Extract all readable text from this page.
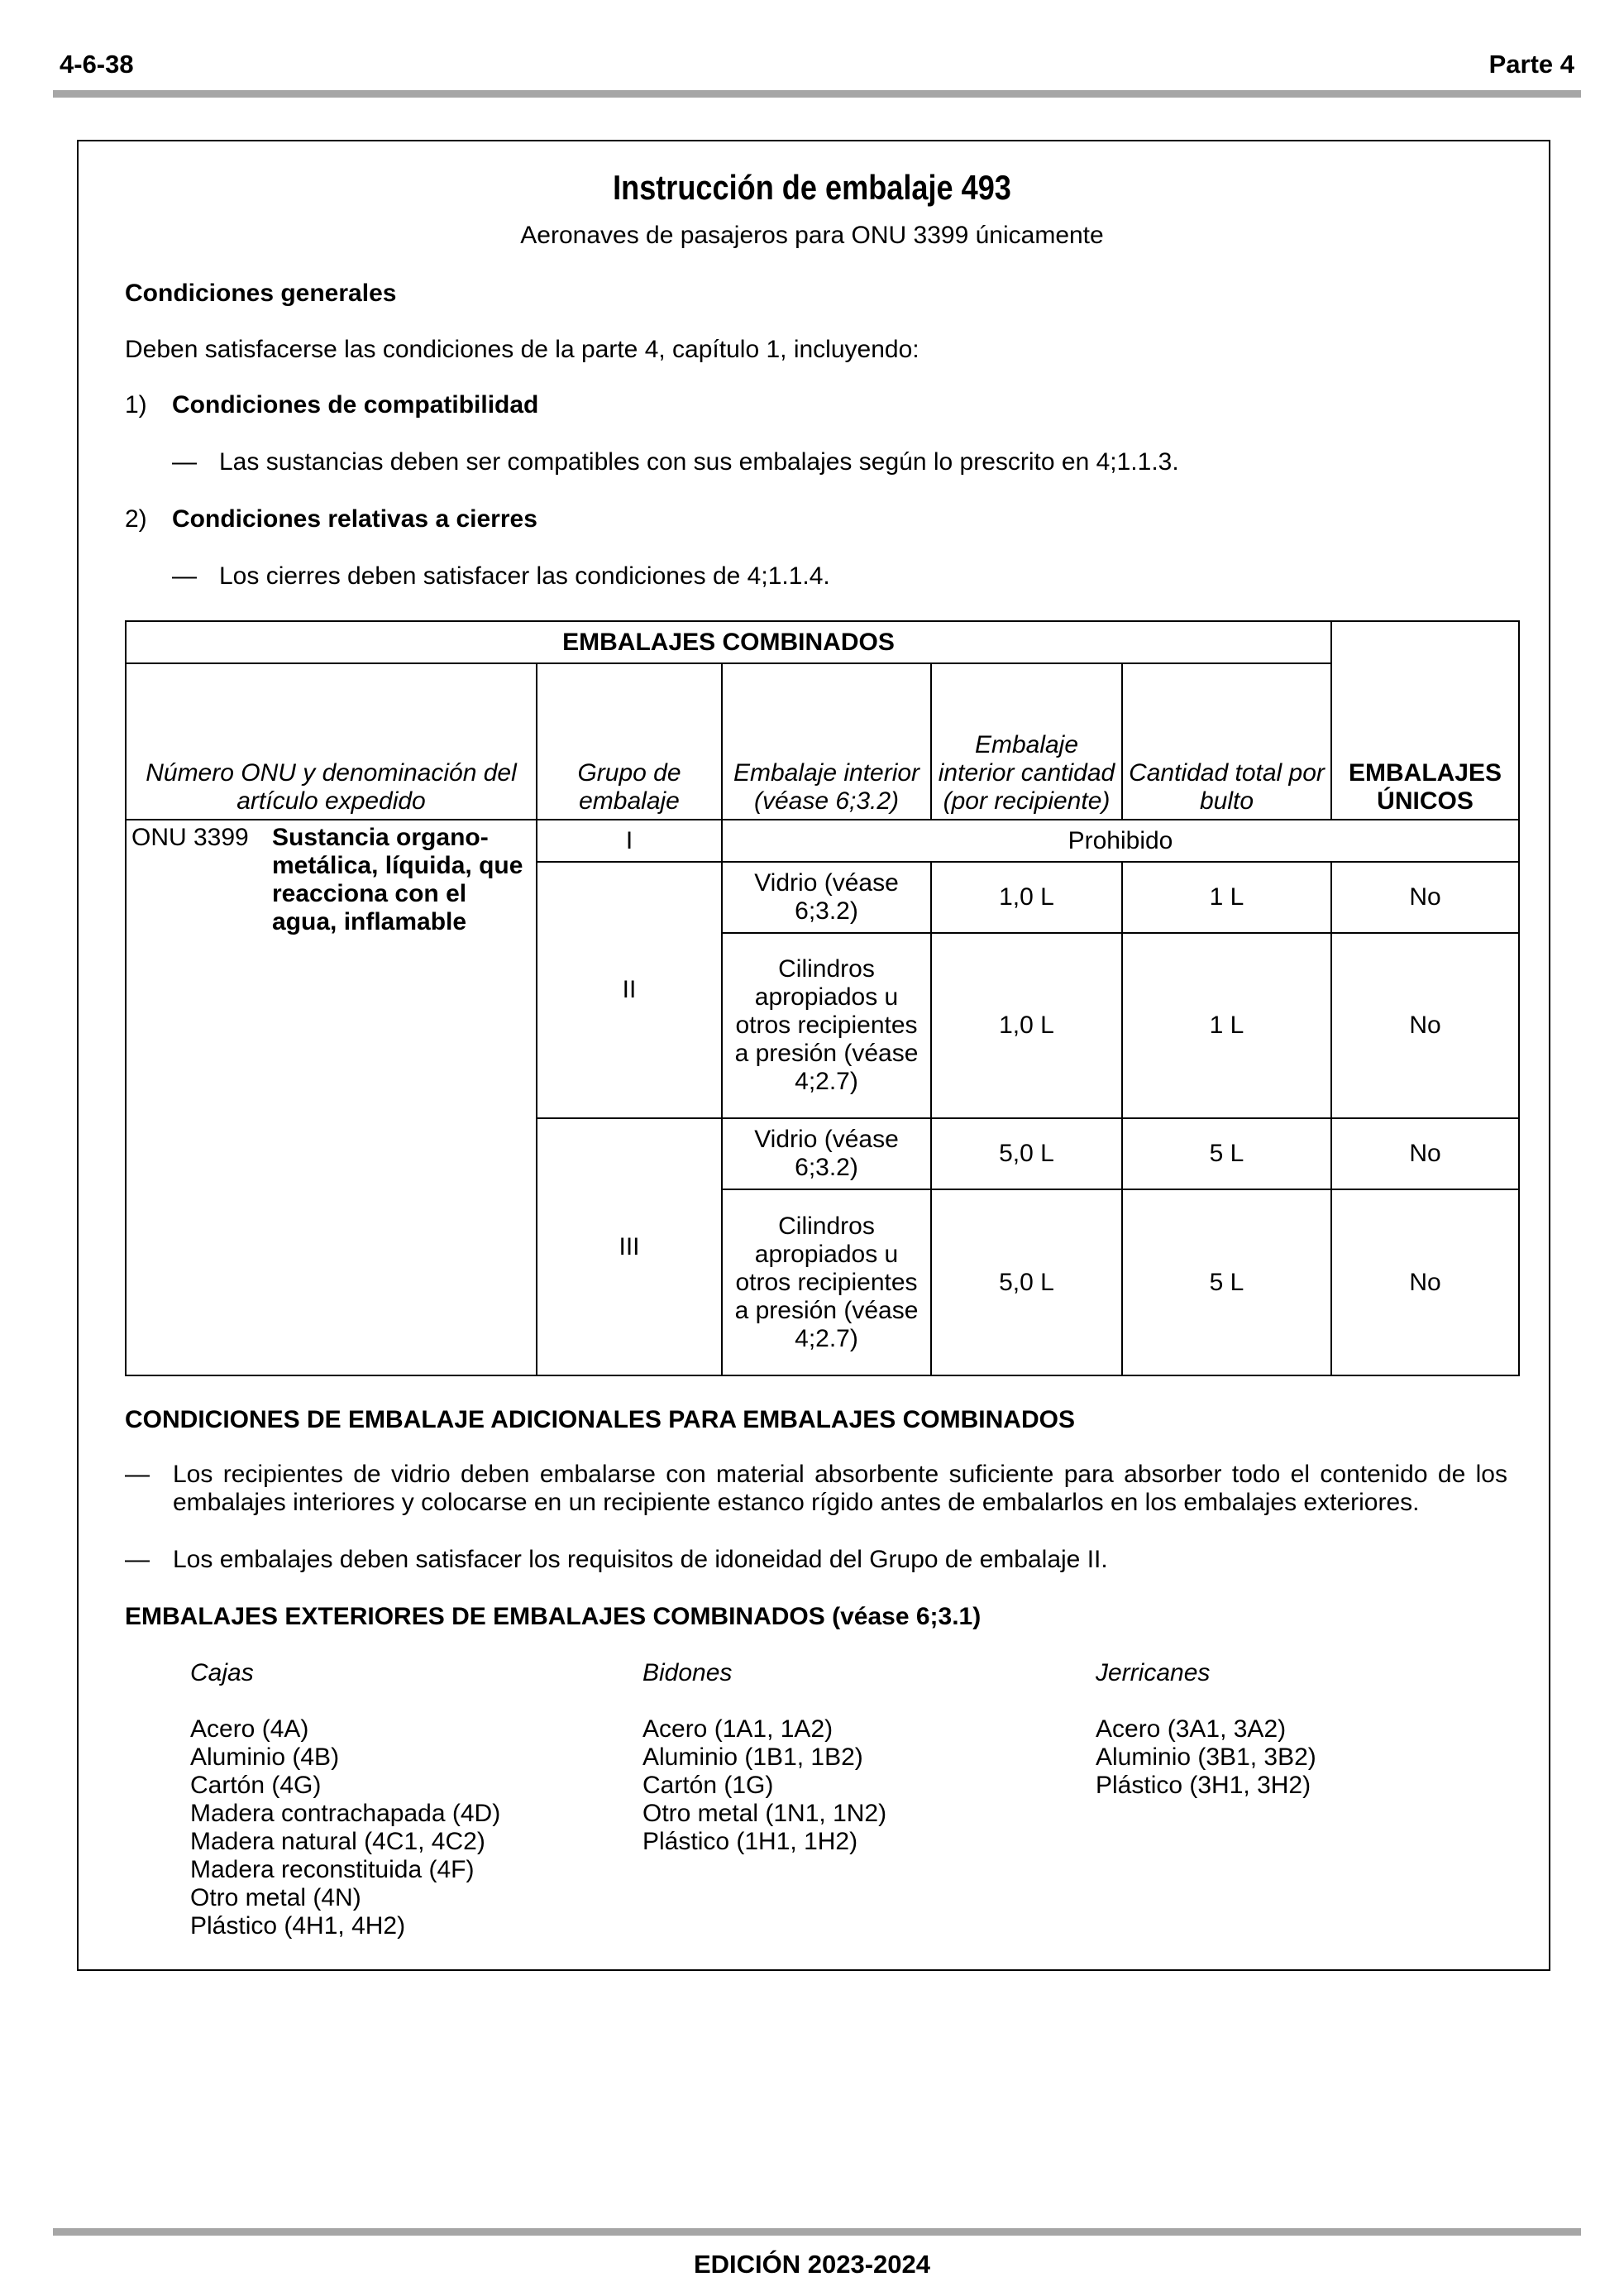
4-6-38	Parte 4
Instrucción de embalaje 493
Aeronaves de pasajeros para ONU 3399 únicamente
Condiciones generales
Deben satisfacerse las condiciones de la parte 4, capítulo 1, incluyendo:
1) Condiciones de compatibilidad
— Las sustancias deben ser compatibles con sus embalajes según lo prescrito en 4;1.1.3.
2) Condiciones relativas a cierres
— Los cierres deben satisfacer las condiciones de 4;1.1.4.
EMBALAJES COMBINADOS					EMBALAJES ÚNICOS
Número ONU y denominación del artículo expedido	Grupo de embalaje	Embalaje interior (véase 6;3.2)	Embalaje interior cantidad (por recipiente)	Cantidad total por bulto	

ONU 3399 Sustancia organo-metálica, líquida, que reacciona con el agua, inflamable	I	Prohibido			
	II	Vidrio (véase 6;3.2)	1,0 L	1 L	No
		Cilindros apropiados u otros recipientes a presión (véase 4;2.7)	1,0 L	1 L	No
	III	Vidrio (véase 6;3.2)	5,0 L	5 L	No
		Cilindros apropiados u otros recipientes a presión (véase 4;2.7)	5,0 L	5 L	No
CONDICIONES DE EMBALAJE ADICIONALES PARA EMBALAJES COMBINADOS
— Los recipientes de vidrio deben embalarse con material absorbente suficiente para absorber todo el contenido de los embalajes interiores y colocarse en un recipiente estanco rígido antes de embalarlos en los embalajes exteriores.
— Los embalajes deben satisfacer los requisitos de idoneidad del Grupo de embalaje II.
EMBALAJES EXTERIORES DE EMBALAJES COMBINADOS (véase 6;3.1)
Cajas
Acero (4A)
Aluminio (4B)
Cartón (4G)
Madera contrachapada (4D)
Madera natural (4C1, 4C2)
Madera reconstituida (4F)
Otro metal (4N)
Plástico (4H1, 4H2)
Bidones
Acero (1A1, 1A2)
Aluminio (1B1, 1B2)
Cartón (1G)
Otro metal (1N1, 1N2)
Plástico (1H1, 1H2)
Jerricanes
Acero (3A1, 3A2)
Aluminio (3B1, 3B2)
Plástico (3H1, 3H2)
EDICIÓN 2023-2024
